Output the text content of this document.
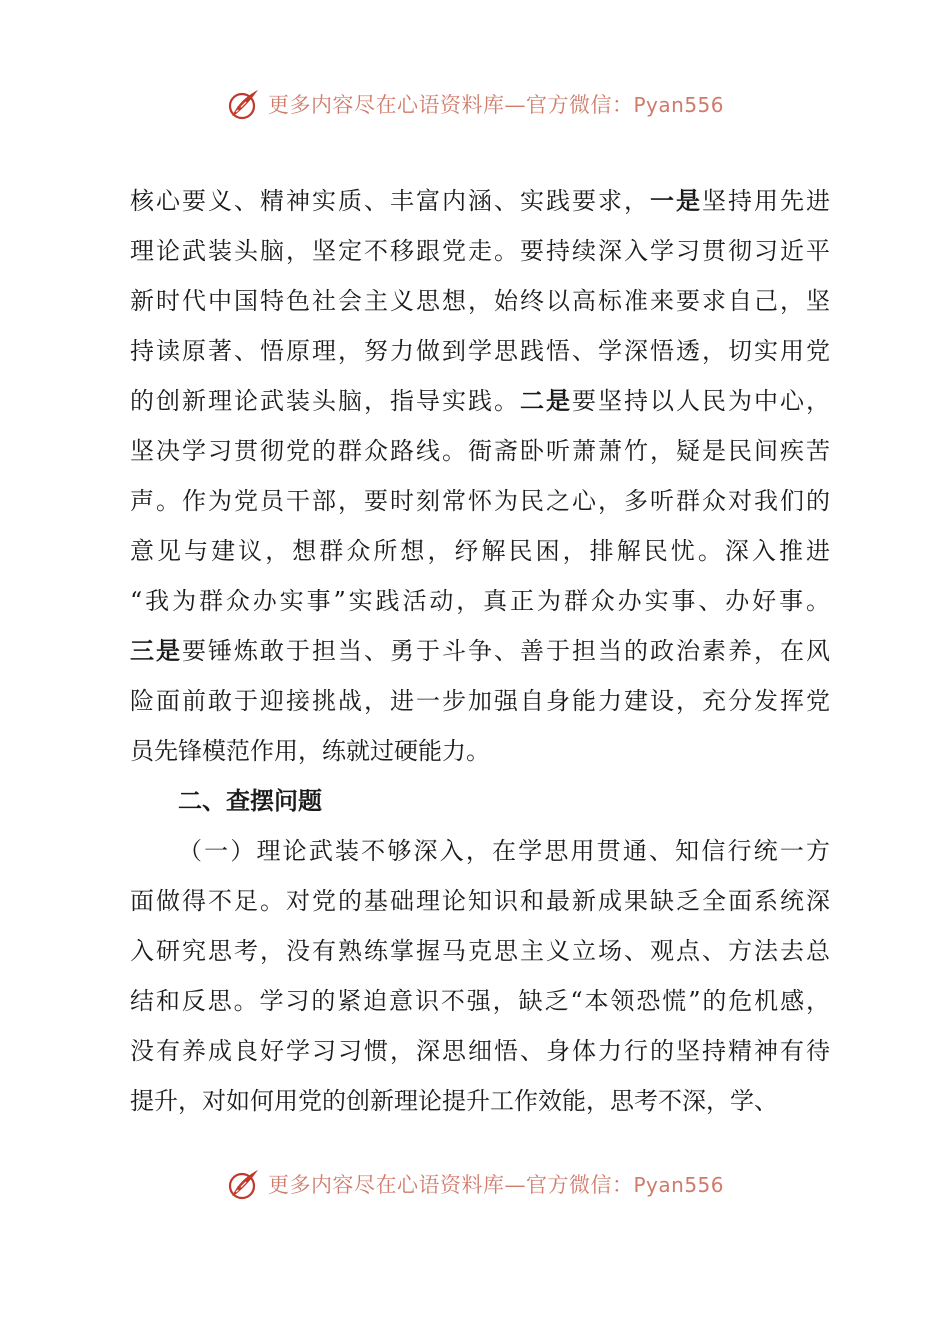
更多内容尽在心语资料库—官方微信：Pyan556
核心要义、精神实质、丰富内涵、实践要求，一是坚持用先进
理论武装头脑，坚定不移跟党走。要持续深入学习贯彻习近平
新时代中国特色社会主义思想，始终以高标准来要求自己，坚
持读原著、悟原理，努力做到学思践悟、学深悟透，切实用党
的创新理论武装头脑，指导实践。二是要坚持以人民为中心，
坚决学习贯彻党的群众路线。衙斋卧听萧萧竹，疑是民间疾苦
声。作为党员干部，要时刻常怀为民之心，多听群众对我们的
意见与建议，想群众所想，纾解民困，排解民忧。深入推进
“我为群众办实事”实践活动，真正为群众办实事、办好事。
三是要锤炼敢于担当、勇于斗争、善于担当的政治素养，在风
险面前敢于迎接挑战，进一步加强自身能力建设，充分发挥党
员先锋模范作用，练就过硬能力。
二、查摆问题
（一）理论武装不够深入，在学思用贯通、知信行统一方
面做得不足。对党的基础理论知识和最新成果缺乏全面系统深
入研究思考，没有熟练掌握马克思主义立场、观点、方法去总
结和反思。学习的紧迫意识不强，缺乏“本领恐慌”的危机感，
没有养成良好学习习惯，深思细悟、身体力行的坚持精神有待
提升，对如何用党的创新理论提升工作效能，思考不深，学、
更多内容尽在心语资料库—官方微信：Pyan556
